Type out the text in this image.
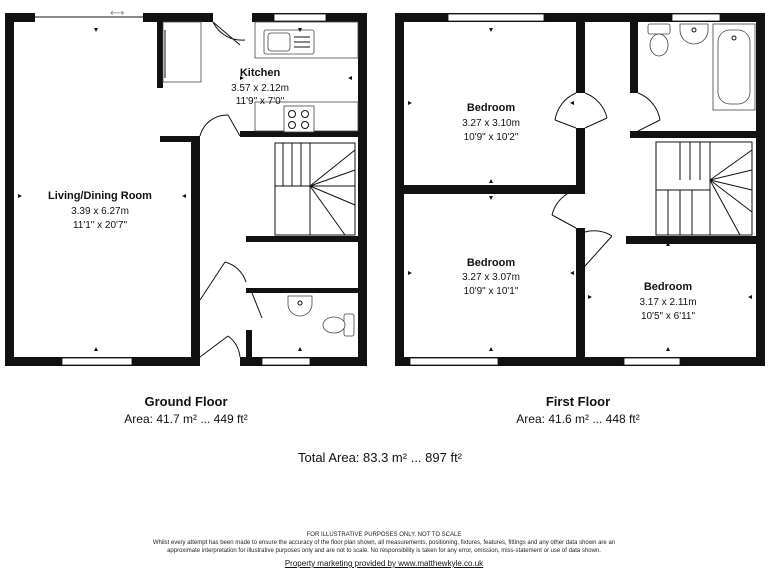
⟷
Living/Dining Room
3.39 x 6.27m
11'1" x 20'7"
Kitchen
3.57 x 2.12m
11'9" x 7'0"
Bedroom
3.27 x 3.10m
10'9" x 10'2"
Bedroom
3.27 x 3.07m
10'9" x 10'1"	Bedroom
3.17 x 2.11m
10'5" x 6'11"
Ground Floor
Area: 41.7 m² ... 449 ft²
First Floor
Area: 41.6 m² ... 448 ft²
Total Area: 83.3 m² ... 897 ft²
FOR ILLUSTRATIVE PURPOSES ONLY. NOT TO SCALE
Whilst every attempt has been made to ensure the accuracy of the floor plan shown, all measurements, positioning, fixtures, features, fittings and any other data shown are an
approximate interpretation for illustrative purposes only and are not to scale. No responsibility is taken for any error, omission, miss-statement or use of data shown.
Property marketing provided by www.matthewkyle.co.uk
